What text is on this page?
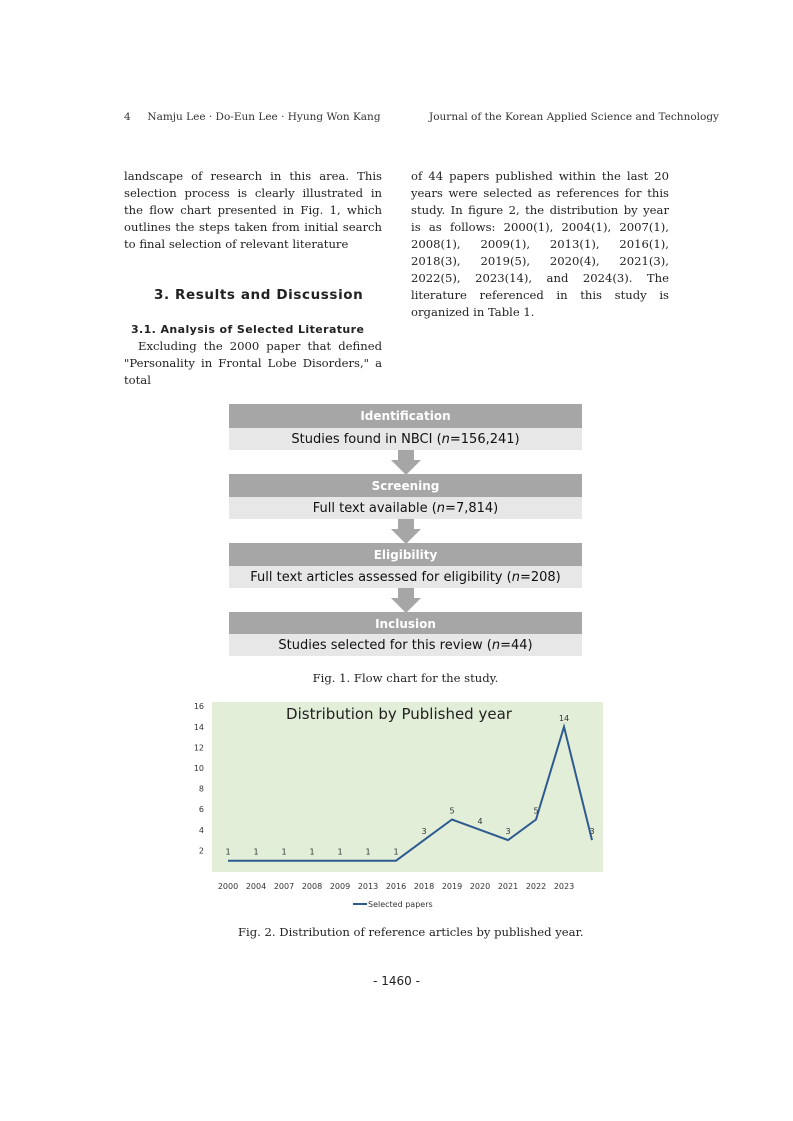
4 Namju Lee · Do-Eun Lee · Hyung Won Kang	Journal of the Korean Applied Science and Technology
landscape of research in this area. This selection process is clearly illustrated in the flow chart presented in Fig. 1, which outlines the steps taken from initial search to final selection of relevant literature
3. Results and Discussion
3.1. Analysis of Selected Literature
Excluding the 2000 paper that defined "Personality in Frontal Lobe Disorders," a total
of 44 papers published within the last 20 years were selected as references for this study. In figure 2, the distribution by year is as follows: 2000(1), 2004(1), 2007(1), 2008(1), 2009(1), 2013(1), 2016(1), 2018(3), 2019(5), 2020(4), 2021(3), 2022(5), 2023(14), and 2024(3). The literature referenced in this study is organized in Table 1.
Identification
Studies found in NBCI ( n =156,241)
Screening
Full text available ( n =7,814)
Eligibility
Full text articles assessed for eligibility ( n =208)
Inclusion
Studies selected for this review ( n =44)
Fig. 1. Flow chart for the study.
Distribution by Published year
2
4
6
8
10
12
14
16
2000 2004 2007 2008 2009 2013 2016 2018 2019 2020 2021 2022 2023
1	1	1	1	1	1	1
3
5
4
3
5
14
3
Selected papers
Fig. 2. Distribution of reference articles by published year.
- 1460 -
